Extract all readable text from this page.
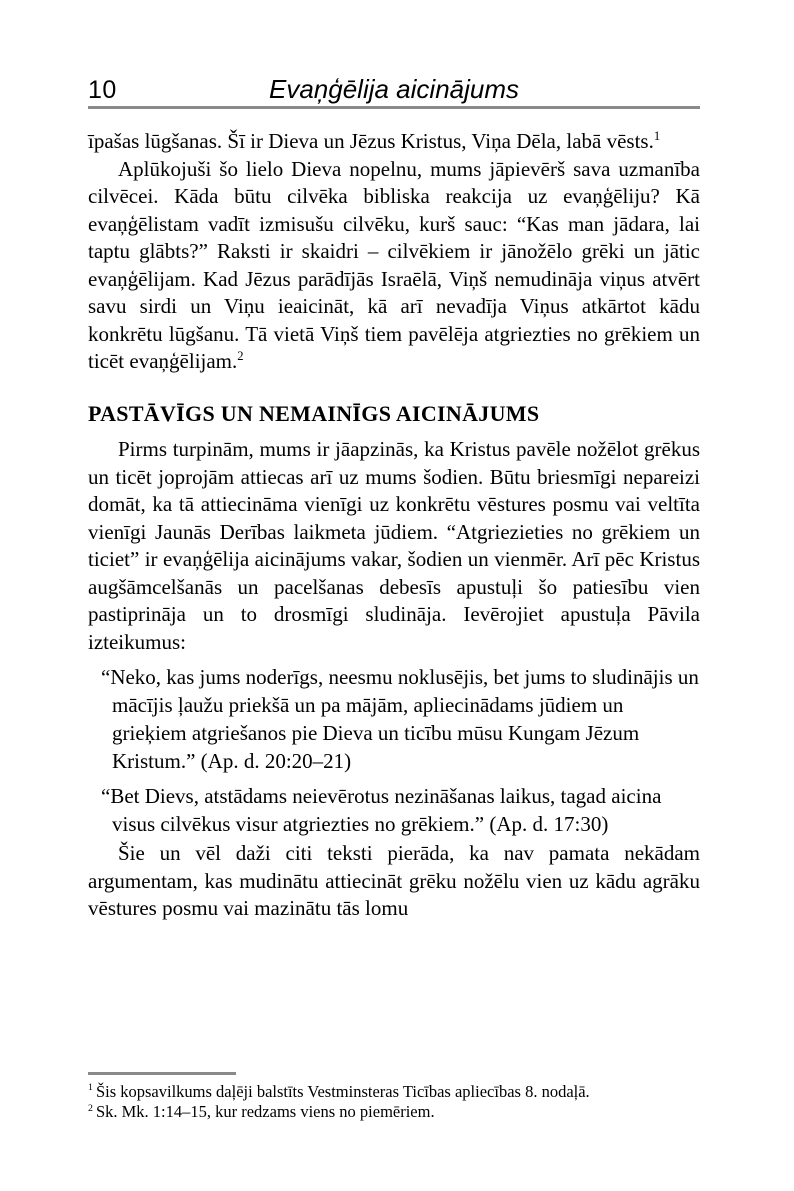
10	Evaņģēlija aicinājums

īpašas lūgšanas. Šī ir Dieva un Jēzus Kristus, Viņa Dēla, labā vēsts.$^1$

Aplūkojuši šo lielo Dieva nopelnu, mums jāpievērš sava uzmanība cilvēcei. Kāda būtu cilvēka bibliska reakcija uz evaņģēliju? Kā evaņģēlistam vadīt izmisušu cilvēku, kurš sauc: “Kas man jādara, lai taptu glābts?” Raksti ir skaidri – cilvēkiem ir jānožēlo grēki un jātic evaņģēlijam. Kad Jēzus parādījās Israēlā, Viņš nemudināja viņus atvērt savu sirdi un Viņu ieaicināt, kā arī nevadīja Viņus atkārtot kādu konkrētu lūgšanu. Tā vietā Viņš tiem pavēlēja atgriezties no grēkiem un ticēt evaņģēlijam.$^2$

PASTĀVĪGS UN NEMAINĪGS AICINĀJUMS

Pirms turpinām, mums ir jāapzinās, ka Kristus pavēle nožēlot grēkus un ticēt joprojām attiecas arī uz mums šodien. Būtu briesmīgi nepareizi domāt, ka tā attiecināma vienīgi uz konkrētu vēstures posmu vai veltīta vienīgi Jaunās Derības laikmeta jūdiem. “Atgriezieties no grēkiem un ticiet” ir evaņģēlija aicinājums vakar, šodien un vienmēr. Arī pēc Kristus augšāmcelšanās un pacelšanas debesīs apustuļi šo patiesību vien pastiprināja un to drosmīgi sludināja. Ievērojiet apustuļa Pāvila izteikumus:

“Neko, kas jums noderīgs, neesmu noklusējis, bet jums to sludinājis un mācījis ļaužu priekšā un pa mājām, apliecinādams jūdiem un grieķiem atgriešanos pie Dieva un ticību mūsu Kungam Jēzum Kristum.” (Ap. d. 20:20–21)
“Bet Dievs, atstādams neievērotus nezināšanas laikus, tagad aicina visus cilvēkus visur atgriezties no grēkiem.” (Ap. d. 17:30)

Šie un vēl daži citi teksti pierāda, ka nav pamata nekādam argumentam, kas mudinātu attiecināt grēku nožēlu vien uz kādu agrāku vēstures posmu vai mazinātu tās lomu

$^1$ Šis kopsavilkums daļēji balstīts Vestminsteras Ticības apliecības 8. nodaļā.

$^2$ Sk. Mk. 1:14–15, kur redzams viens no piemēriem.
